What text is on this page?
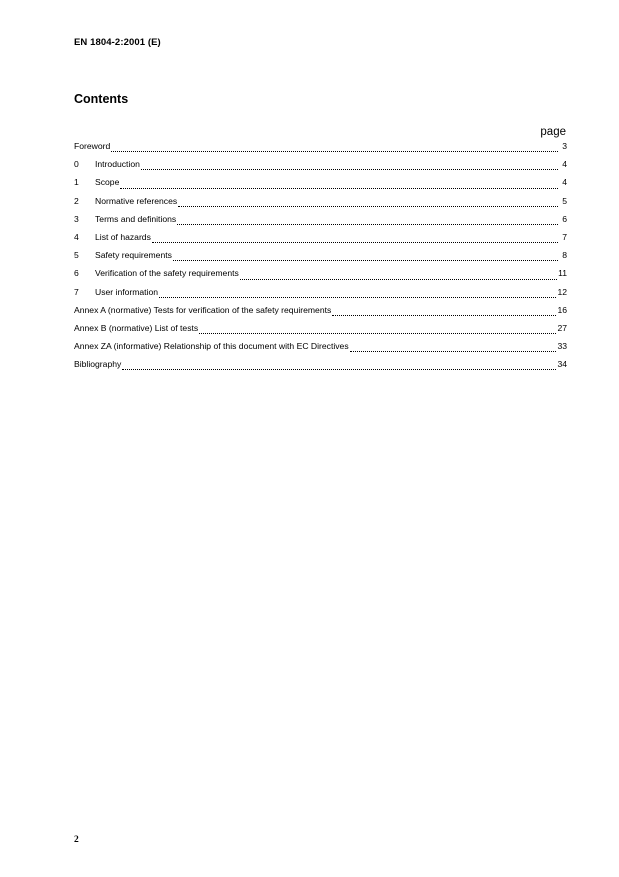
EN 1804-2:2001 (E)
Contents
page
Foreword	3
0	Introduction	4
1	Scope	4
2	Normative references	5
3	Terms and definitions	6
4	List of hazards	7
5	Safety requirements	8
6	Verification of the safety requirements	11
7	User information	12
Annex A (normative) Tests for verification of the safety requirements	16
Annex B (normative) List of tests	27
Annex ZA (informative) Relationship of this document with EC Directives	33
Bibliography	34
2
